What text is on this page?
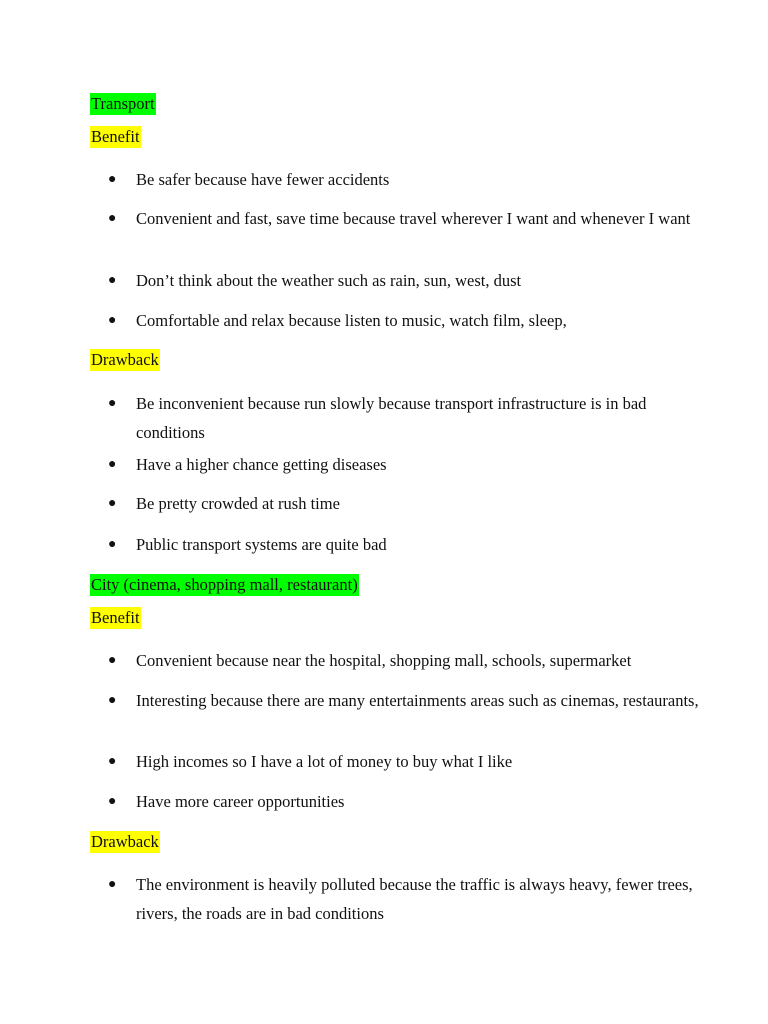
Transport
Benefit
●	Be safer because have fewer accidents
●	Convenient and fast, save time because travel wherever I want and whenever I want
●	Don’t think about the weather such as rain, sun, west, dust
●	Comfortable and relax because listen to music, watch film, sleep,
Drawback
●	Be inconvenient because run slowly because transport infrastructure is in bad conditions
●	Have a higher chance getting diseases
●	Be pretty crowded at rush time
●	Public transport systems are quite bad
City (cinema, shopping mall, restaurant)
Benefit
●	Convenient because near the hospital, shopping mall, schools, supermarket
●	Interesting because there are many entertainments areas such as cinemas, restaurants,
●	High incomes so I have a lot of money to buy what I like
●	Have more career opportunities
Drawback
●	The environment is heavily polluted because the traffic is always heavy, fewer trees, rivers, the roads are in bad conditions
